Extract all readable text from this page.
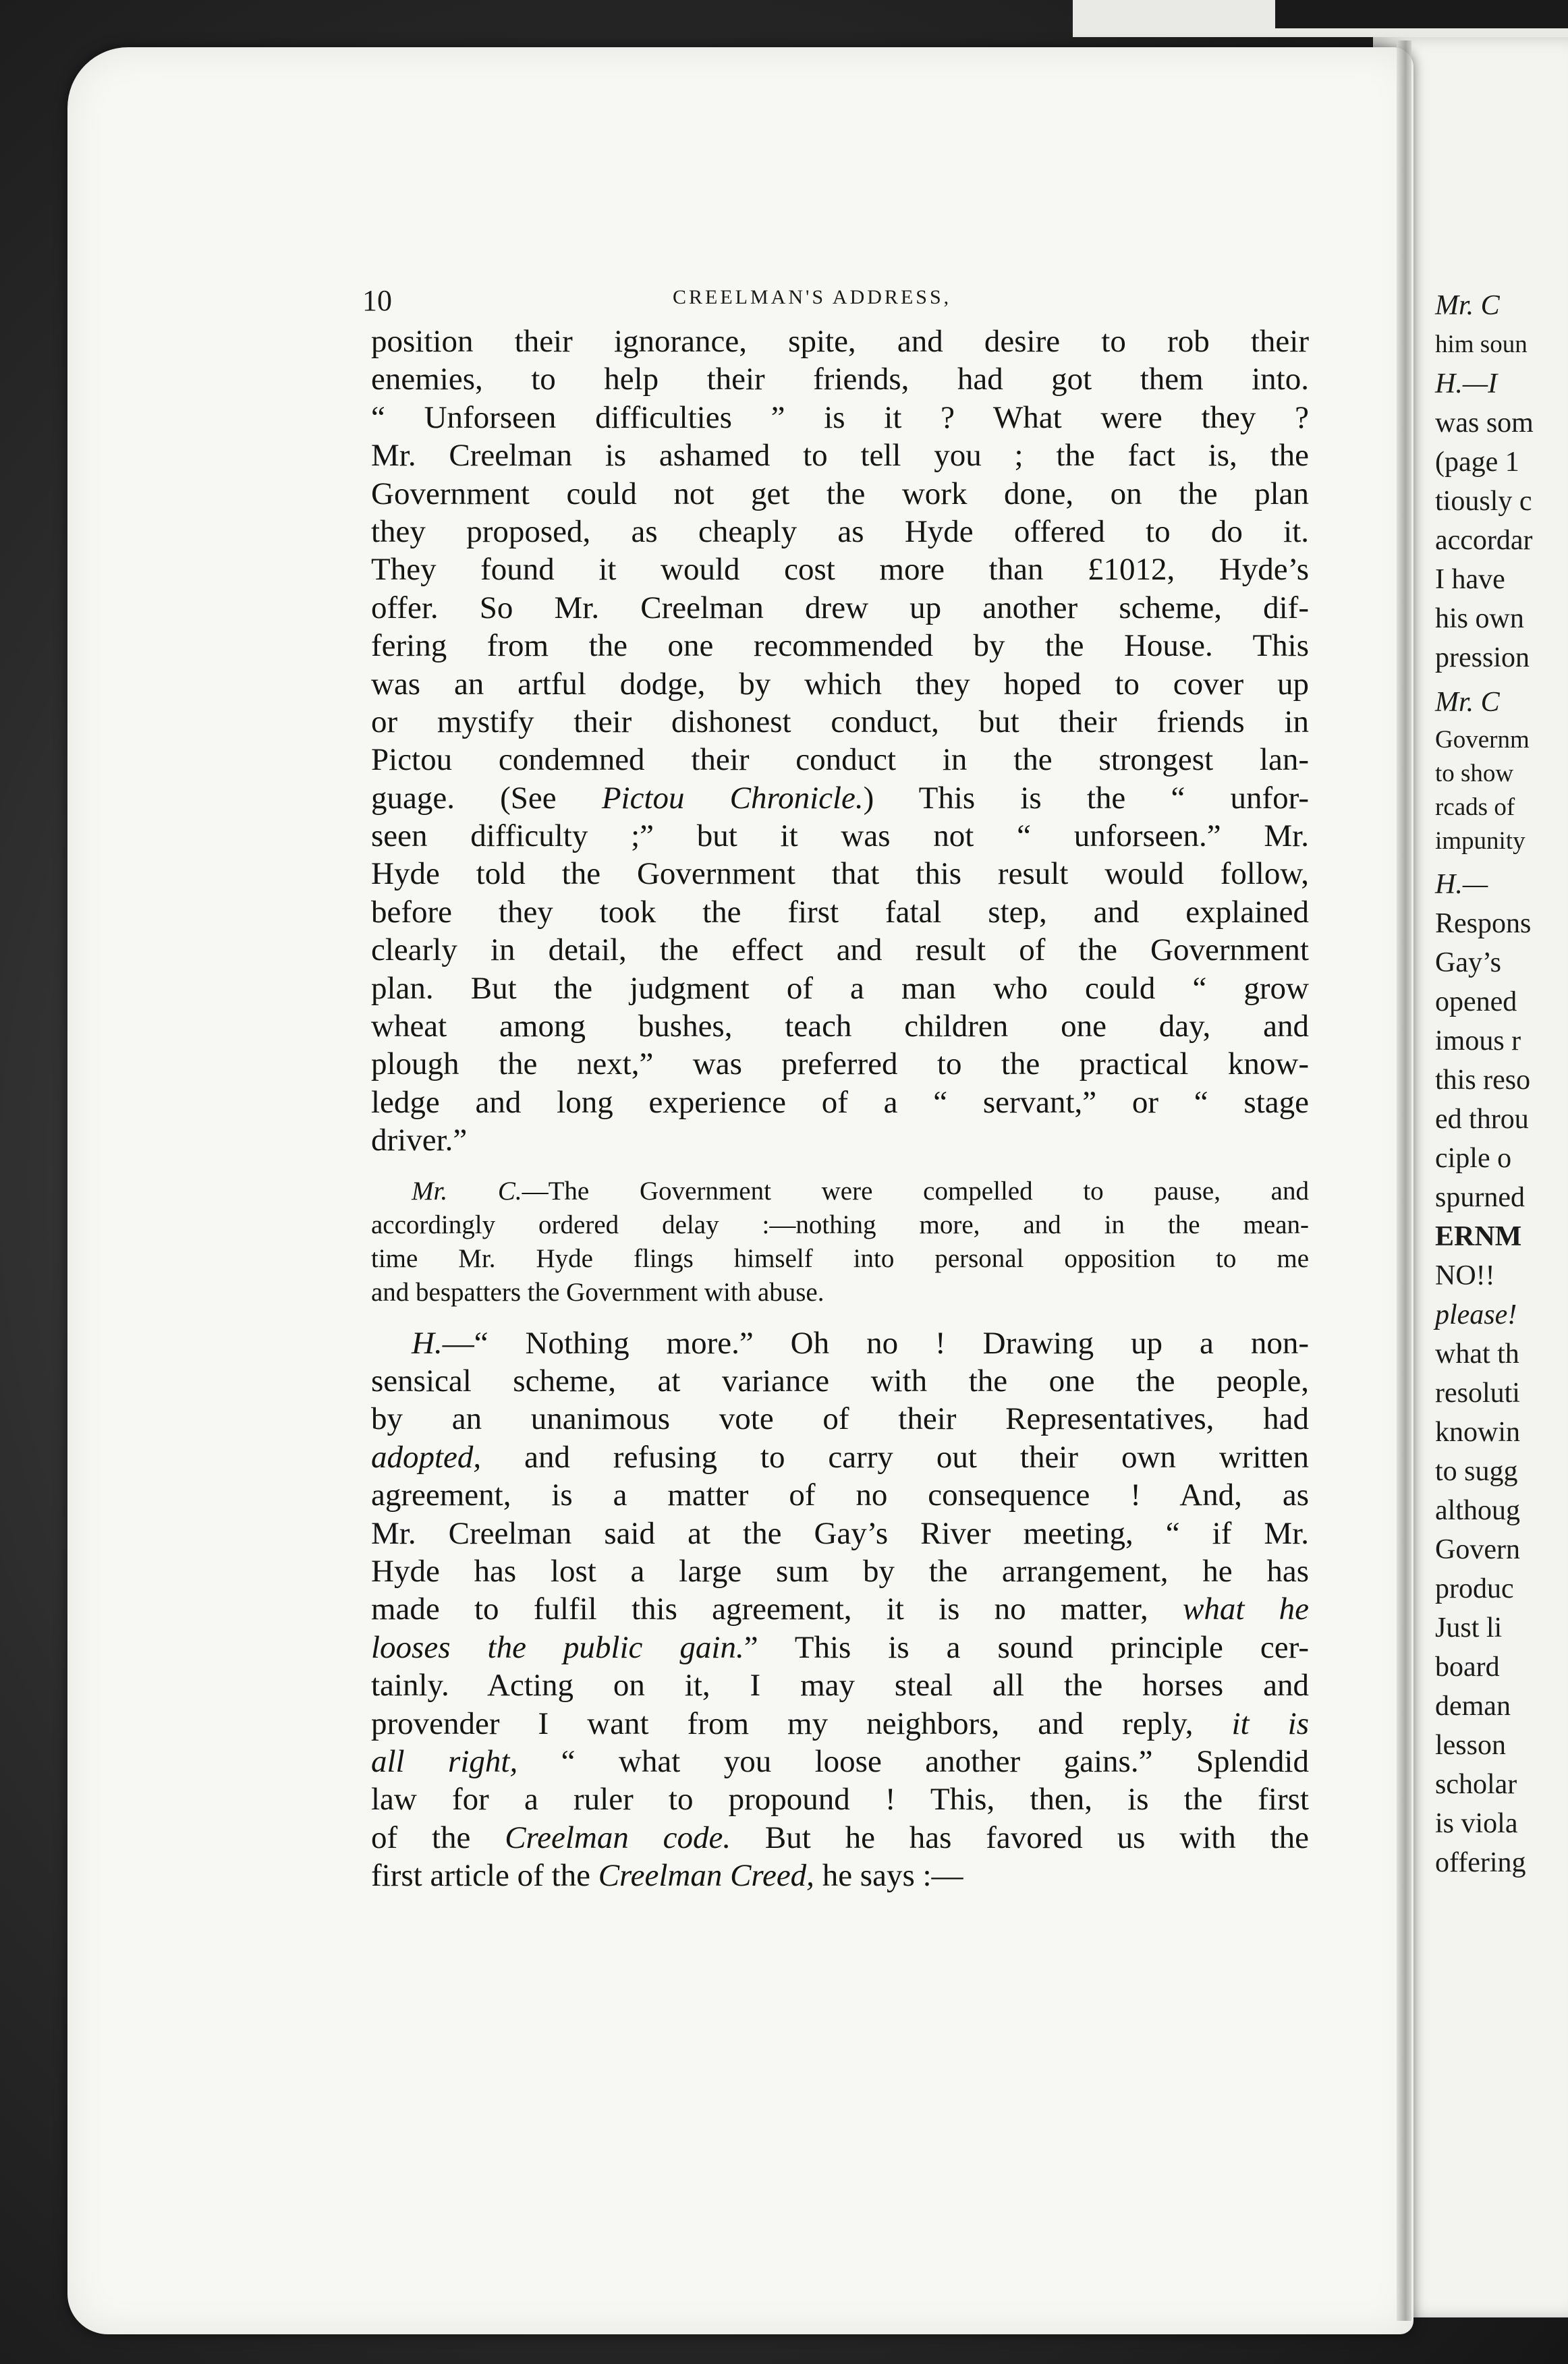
Mr. C
him soun
H.—I
was som
(page 1
tiously c
accordar
I have
his own
pression
Mr. C
Governm
to show
rcads of
impunity
H.—
Respons
Gay’s
opened
imous r
this reso
ed throu
ciple o
spurned
ERNM
NO!!
please!
what th
resoluti
knowin
to sugg
althoug
Govern
produc
Just li
board
deman
lesson
scholar
is viola
offering
10	CREELMAN'S ADDRESS,
position their ignorance, spite, and desire to rob their
enemies, to help their friends, had got them into.
“ Unforseen difficulties ” is it ? What were they ?
Mr. Creelman is ashamed to tell you ; the fact is, the
Government could not get the work done, on the plan
they proposed, as cheaply as Hyde offered to do it.
They found it would cost more than £1012, Hyde’s
offer. So Mr. Creelman drew up another scheme, dif-
fering from the one recommended by the House. This
was an artful dodge, by which they hoped to cover up
or mystify their dishonest conduct, but their friends in
Pictou condemned their conduct in the strongest lan-
guage. (See Pictou Chronicle.) This is the “ unfor-
seen difficulty ;” but it was not “ unforseen.” Mr.
Hyde told the Government that this result would follow,
before they took the first fatal step, and explained
clearly in detail, the effect and result of the Government
plan. But the judgment of a man who could “ grow
wheat among bushes, teach children one day, and
plough the next,” was preferred to the practical know-
ledge and long experience of a “ servant,” or “ stage
driver.”
Mr. C.—The Government were compelled to pause, and
accordingly ordered delay :—nothing more, and in the mean-
time Mr. Hyde flings himself into personal opposition to me
and bespatters the Government with abuse.
H.—“ Nothing more.” Oh no ! Drawing up a non-
sensical scheme, at variance with the one the people,
by an unanimous vote of their Representatives, had
adopted, and refusing to carry out their own written
agreement, is a matter of no consequence ! And, as
Mr. Creelman said at the Gay’s River meeting, “ if Mr.
Hyde has lost a large sum by the arrangement, he has
made to fulfil this agreement, it is no matter, what he
looses the public gain.” This is a sound principle cer-
tainly. Acting on it, I may steal all the horses and
provender I want from my neighbors, and reply, it is
all right, “ what you loose another gains.” Splendid
law for a ruler to propound ! This, then, is the first
of the Creelman code. But he has favored us with the
first article of the Creelman Creed, he says :—
